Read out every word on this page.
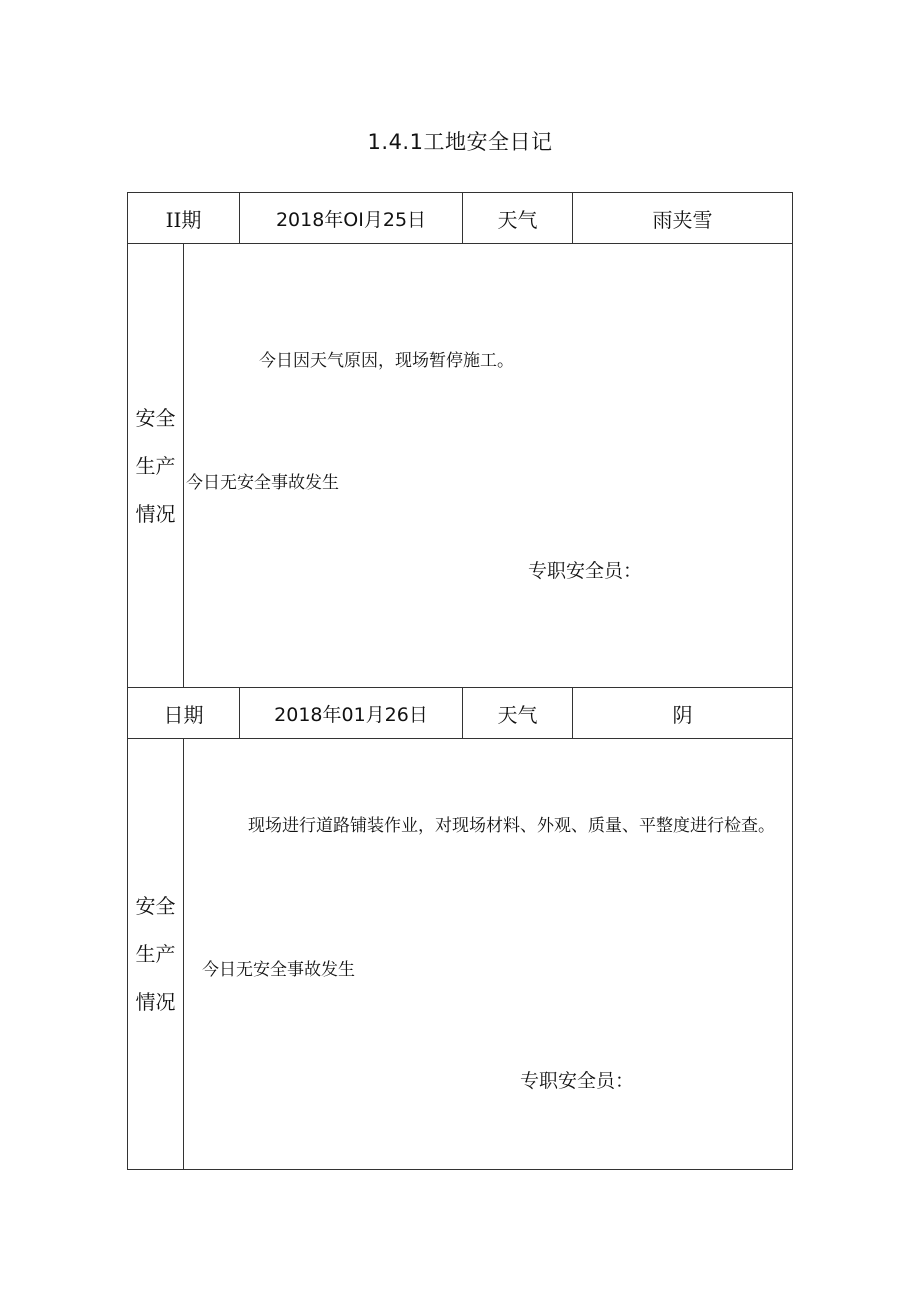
1.4.1工地安全日记
II期	2018年OI月25日	天气	雨夹雪
安全
生产
情况
今日因天气原因，现场暂停施工。
今日无安全事故发生
专职安全员：
日期	2018年01月26日	天气	阴
安全
生产
情况
现场进行道路铺装作业，对现场材料、外观、质量、平整度进行检查。
今日无安全事故发生
专职安全员：
